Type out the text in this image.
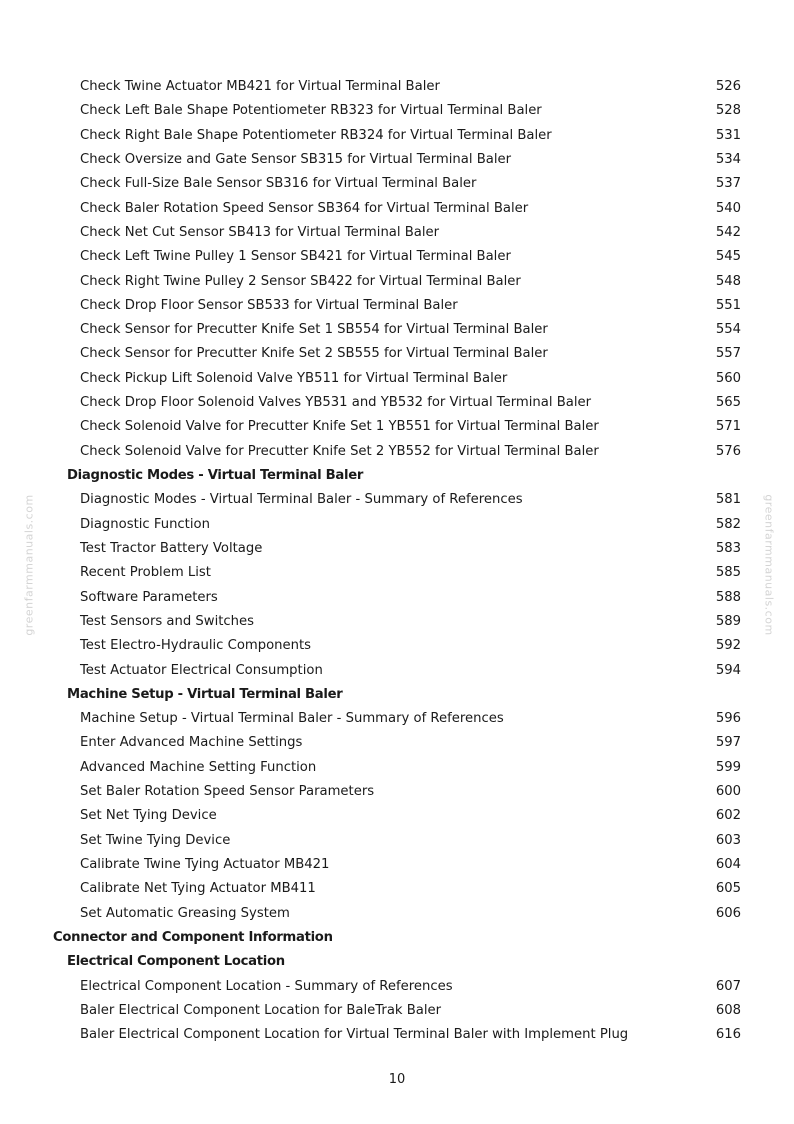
Check Twine Actuator MB421 for Virtual Terminal Baler	526
Check Left Bale Shape Potentiometer RB323 for Virtual Terminal Baler	528
Check Right Bale Shape Potentiometer RB324 for Virtual Terminal Baler	531
Check Oversize and Gate Sensor SB315 for Virtual Terminal Baler	534
Check Full-Size Bale Sensor SB316 for Virtual Terminal Baler	537
Check Baler Rotation Speed Sensor SB364 for Virtual Terminal Baler	540
Check Net Cut Sensor SB413 for Virtual Terminal Baler	542
Check Left Twine Pulley 1 Sensor SB421 for Virtual Terminal Baler	545
Check Right Twine Pulley 2 Sensor SB422 for Virtual Terminal Baler	548
Check Drop Floor Sensor SB533 for Virtual Terminal Baler	551
Check Sensor for Precutter Knife Set 1 SB554 for Virtual Terminal Baler	554
Check Sensor for Precutter Knife Set 2 SB555 for Virtual Terminal Baler	557
Check Pickup Lift Solenoid Valve YB511 for Virtual Terminal Baler	560
Check Drop Floor Solenoid Valves YB531 and YB532 for Virtual Terminal Baler	565
Check Solenoid Valve for Precutter Knife Set 1 YB551 for Virtual Terminal Baler	571
Check Solenoid Valve for Precutter Knife Set 2 YB552 for Virtual Terminal Baler	576
Diagnostic Modes - Virtual Terminal Baler
Diagnostic Modes - Virtual Terminal Baler - Summary of References	581
Diagnostic Function	582
Test Tractor Battery Voltage	583
Recent Problem List	585
Software Parameters	588
Test Sensors and Switches	589
Test Electro-Hydraulic Components	592
Test Actuator Electrical Consumption	594
Machine Setup - Virtual Terminal Baler
Machine Setup - Virtual Terminal Baler - Summary of References	596
Enter Advanced Machine Settings	597
Advanced Machine Setting Function	599
Set Baler Rotation Speed Sensor Parameters	600
Set Net Tying Device	602
Set Twine Tying Device	603
Calibrate Twine Tying Actuator MB421	604
Calibrate Net Tying Actuator MB411	605
Set Automatic Greasing System	606
Connector and Component Information
Electrical Component Location
Electrical Component Location - Summary of References	607
Baler Electrical Component Location for BaleTrak Baler	608
Baler Electrical Component Location for Virtual Terminal Baler with Implement Plug	616
greenfarmmanuals.com	greenfarmmanuals.com
10
